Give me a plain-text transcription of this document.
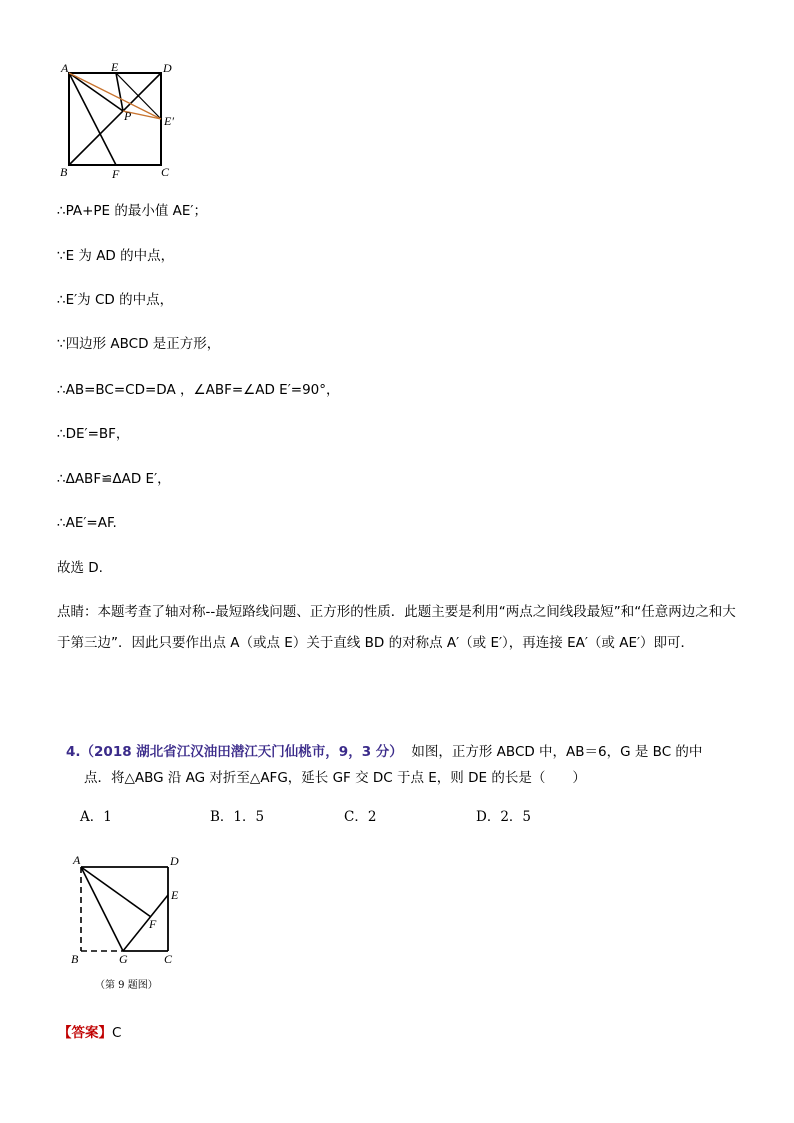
A	E	D
P	E′
B	F	C
∴PA+PE 的最小值 AE′；
∵E 为 AD 的中点，
∴E′为 CD 的中点，
∵四边形 ABCD 是正方形，
∴AB=BC=CD=DA ，∠ABF=∠AD E′=90°，
∴DE′=BF，
∴ΔABF≌ΔAD E′，
∴AE′=AF.
故选 D.
点睛：本题考查了轴对称--最短路线问题、正方形的性质．此题主要是利用“两点之间线段最短”和“任意两边之和大于第三边”．因此只要作出点 A（或点 E）关于直线 BD 的对称点 A′（或 E′），再连接 EA′（或 AE′）即可．
4.（2018 湖北省江汉油田潜江天门仙桃市，9，3 分） 如图，正方形 ABCD 中，AB＝6，G 是 BC 的中
点．将△ABG 沿 AG 对折至△AFG，延长 GF 交 DC 于点 E，则 DE 的长是（　　）
A．1	B．1．5	C．2	D．2．5
A	D
E
F
B	G	C
（第 9 题图）
【答案】C
